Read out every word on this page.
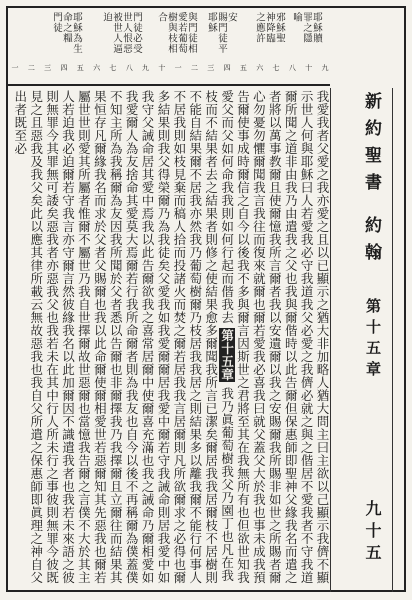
耶穌贖
罪之隱
喻
邪穌聖
神降臨
之應許
安
賜門徒平
耶穌
與門徒相
愛若葡萄
樹與枝相
合
門徒必受
世人恨惡
被世人逼
迫
耶穌為生
命之糧
門徒
九
十
八
七
六
五
四
三
二
一
十
九
八
七
六
五
四
三
二
一
新約聖書 約翰
第十五章
九十五
我愛我者父愛之我亦愛之且以已顯示之猶大非加略人猶大問主曰主欲以己顯示我儕不顯示世人何與耶穌曰人若愛我必守我道我父必愛之我儕必就之與之偕居不愛我者不守我道爾所聞之道非由我乃由遣我之父也我與爾偕時以此告爾但保惠師即聖神父緣我名而遣之者將以萬事教爾且使爾憶我所言爾者我以安遺爾以我之安賜爾我所賜非如世之所賜者爾心勿憂勿懼爾聞我言我往而復來就爾也爾若愛我必喜我曰就父蓋父大於我也事未成我預告爾使事成時爾信之自今以後我不多與爾言因斯世之君將至其在我無所有也但欲世知我愛父而父如何命我我則如何行起而偕我去 第十五章 我乃眞葡萄樹我父乃園丁也凡在我枝而不結果者去之結果者則修之使結果愈多爾聞我所言已潔矣爾居我我居爾枝不居樹則不能自結果爾不居我亦然我乃葡萄樹爾乃枝居我我居之則結果多以離我爾不能行何事人不居我則如枝見棄而稿人拾而投諸火而焚之爾若居我我言居爾則凡所欲爾求之必得也爾多結果則我父得榮爾乃為我徒矣父愛我如我愛爾爾居我愛中爾若守我誡命則居我愛中如我守父誡命居其愛中焉我以此告爾欲我之喜常居爾中使爾喜充滿也我之誡命乃爾相愛如我愛爾人為友捨命其愛莫大焉爾若行我所命爾者則為我友也自今以後不再稱爾為僕蓋僕不知主所為我稱爾為友因我所聞於父者悉以告爾也非爾擇我乃我擇爾且立爾往而結果其果恒存凡爾緣我名而求於父者父賜爾也我以此命爾使爾相愛世若惡爾知其先惡我也爾若屬世世則愛其所屬者惟爾不屬世乃我自世擇爾故世惡爾也當憶我告爾之言僕不大於其主人若迫我必迫爾若守我言亦守爾言然彼緣我名以此加爾因不識遣我者也我若未來語之彼則無罪今其罪無可諉矣惡我者亦惡我父也我若未在其中行人所未行之事彼則無罪今彼既見之且惡我及我父矣此以應其律所載云無故惡我也我自父所遣之保惠師即眞理之神自父出者既至必
